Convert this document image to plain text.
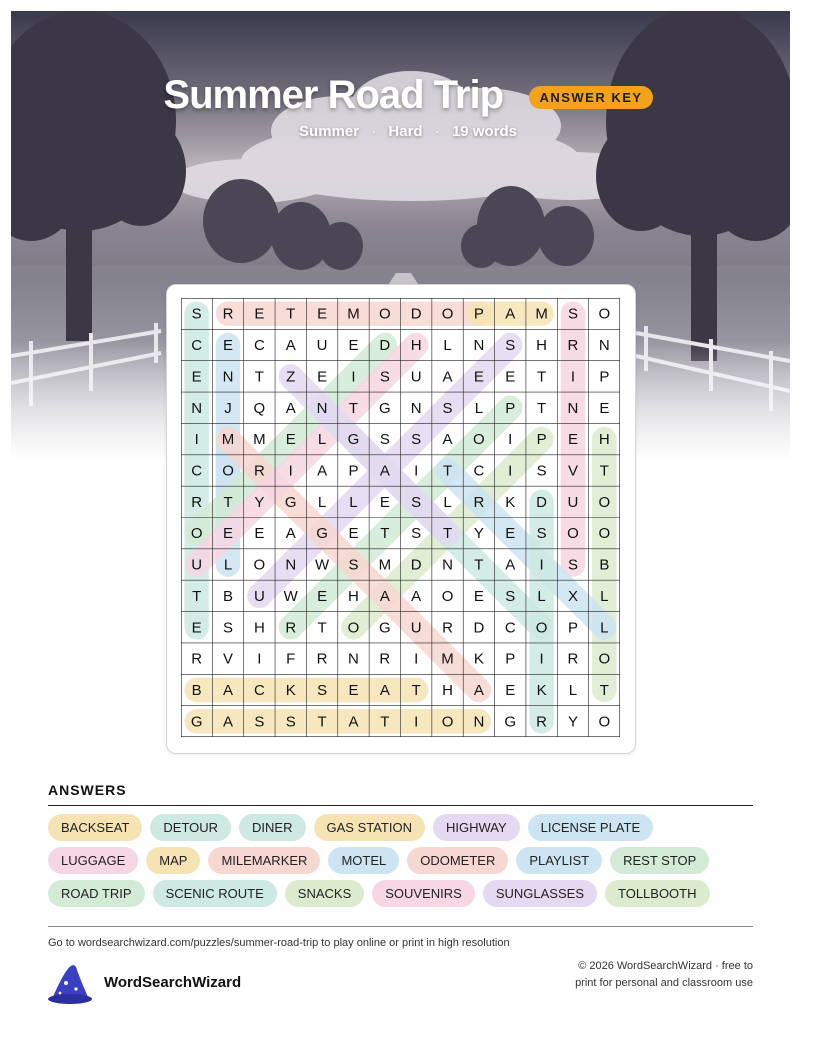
Summer Road Trip	ANSWER KEY
Summer · Hard · 19 words
S R E T E M O D O P A M S O
C E C A U E D H L N S H R N
E N T Z E I S U A E E T I P
N J Q A N T G N S L P T N E
I M M E L G S S A O I P E H
C O R I A P A I T C I S V T
R T Y G L L E S L R K D U O
O E E A G E T S T Y E S O O
U L O N W S M D N T A I S B
T B U W E H A A O E S L X L
E S H R T O G U R D C O P L
R V I F R N R I M K P I R O
B A C K S E A T H A E K L T
G A S S T A T I O N G R Y O
ANSWERS
BACKSEAT	DETOUR	DINER	GAS STATION	HIGHWAY	LICENSE PLATE
LUGGAGE	MAP	MILEMARKER	MOTEL	ODOMETER	PLAYLIST	REST STOP
ROAD TRIP	SCENIC ROUTE	SNACKS	SOUVENIRS	SUNGLASSES	TOLLBOOTH
Go to wordsearchwizard.com/puzzles/summer-road-trip to play online or print in high resolution
WordSearchWizard
© 2026 WordSearchWizard · free to print for personal and classroom use
